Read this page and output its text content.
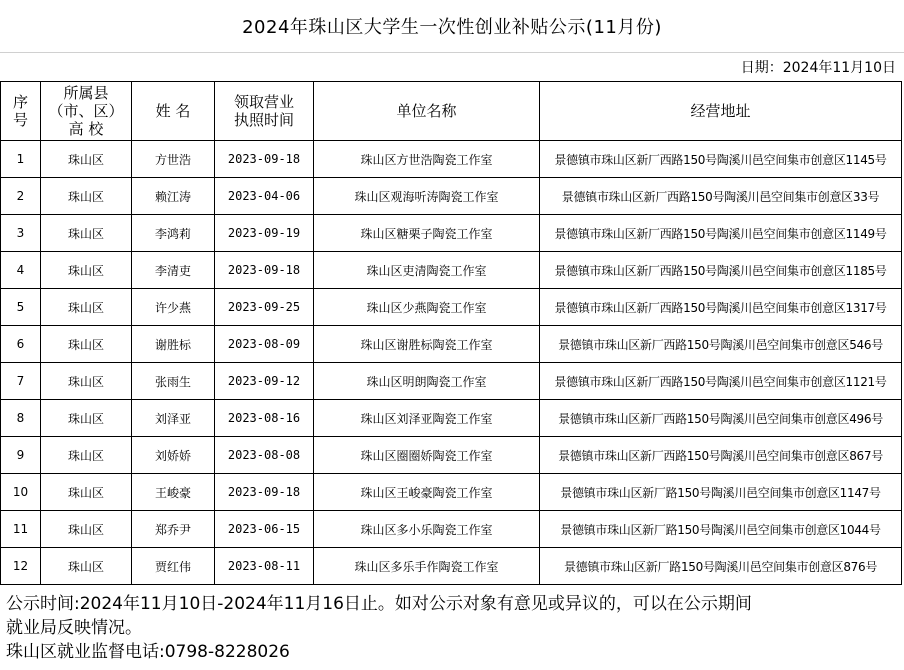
2024年珠山区大学生一次性创业补贴公示(11月份)
日期：2024年11月10日
序号	所属县（市、区）高 校	姓 名	领取营业执照时间	单位名称	经营地址
1	珠山区	方世浩	2023-09-18	珠山区方世浩陶瓷工作室	景德镇市珠山区新厂西路150号陶溪川邑空间集市创意区1145号
2	珠山区	赖江涛	2023-04-06	珠山区观海听涛陶瓷工作室	景德镇市珠山区新厂西路150号陶溪川邑空间集市创意区33号
3	珠山区	李鸿莉	2023-09-19	珠山区糖栗子陶瓷工作室	景德镇市珠山区新厂西路150号陶溪川邑空间集市创意区1149号
4	珠山区	李清吏	2023-09-18	珠山区吏清陶瓷工作室	景德镇市珠山区新厂西路150号陶溪川邑空间集市创意区1185号
5	珠山区	许少燕	2023-09-25	珠山区少燕陶瓷工作室	景德镇市珠山区新厂西路150号陶溪川邑空间集市创意区1317号
6	珠山区	谢胜标	2023-08-09	珠山区谢胜标陶瓷工作室	景德镇市珠山区新厂西路150号陶溪川邑空间集市创意区546号
7	珠山区	张雨生	2023-09-12	珠山区明朗陶瓷工作室	景德镇市珠山区新厂西路150号陶溪川邑空间集市创意区1121号
8	珠山区	刘泽亚	2023-08-16	珠山区刘泽亚陶瓷工作室	景德镇市珠山区新厂西路150号陶溪川邑空间集市创意区496号
9	珠山区	刘娇娇	2023-08-08	珠山区圈圈娇陶瓷工作室	景德镇市珠山区新厂西路150号陶溪川邑空间集市创意区867号
10	珠山区	王峻豪	2023-09-18	珠山区王峻豪陶瓷工作室	景德镇市珠山区新厂路150号陶溪川邑空间集市创意区1147号
11	珠山区	郑乔尹	2023-06-15	珠山区多小乐陶瓷工作室	景德镇市珠山区新厂路150号陶溪川邑空间集市创意区1044号
12	珠山区	贾红伟	2023-08-11	珠山区多乐手作陶瓷工作室	景德镇市珠山区新厂路150号陶溪川邑空间集市创意区876号
公示时间:2024年11月10日-2024年11月16日止。如对公示对象有意见或异议的，可以在公示期间
就业局反映情况。
珠山区就业监督电话:0798-8228026
